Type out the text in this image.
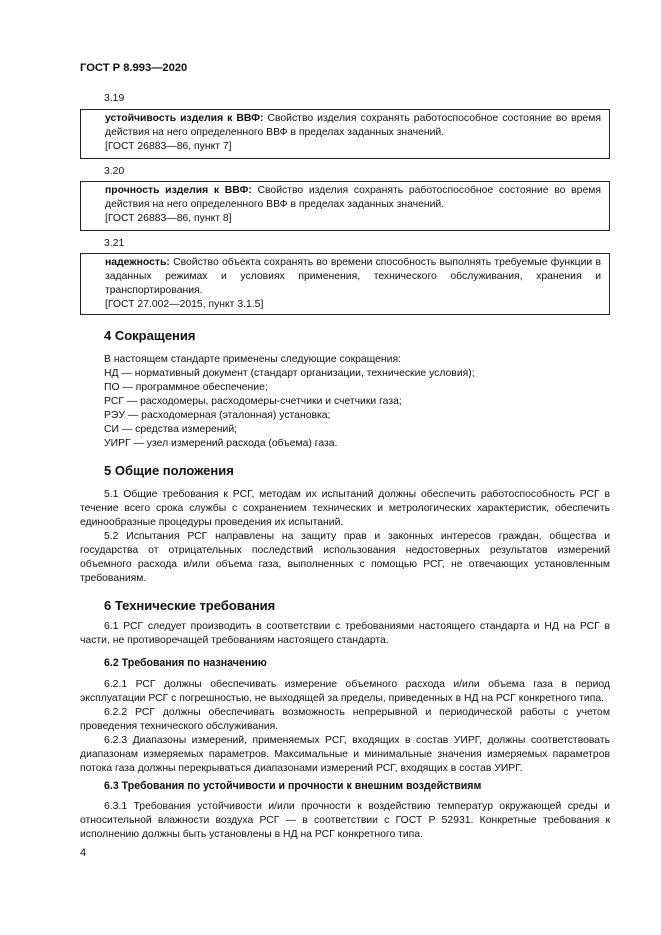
ГОСТ Р 8.993—2020
3.19

устойчивость изделия к ВВФ: Свойство изделия сохранять работоспособное состояние во время действия на него определенного ВВФ в пределах заданных значений.

[ГОСТ 26883—86, пункт 7]

3.20

прочность изделия к ВВФ: Свойство изделия сохранять работоспособное состояние во время действия на него определенного ВВФ в пределах заданных значений.

[ГОСТ 26883—86, пункт 8]

3.21

надежность: Свойство объекта сохранять во времени способность выполнять требуемые функции в заданных режимах и условиях применения, технического обслуживания, хранения и транспортирования.

[ГОСТ 27.002—2015, пункт 3.1.5]

4 Сокращения

В настоящем стандарте применены следующие сокращения:

НД — нормативный документ (стандарт организации, технические условия);

ПО — программное обеспечение;

РСГ — расходомеры, расходомеры-счетчики и счетчики газа;

РЭУ — расходомерная (эталонная) установка;

СИ — средства измерений;

УИРГ — узел измерений расхода (объема) газа.

5 Общие положения

5.1 Общие требования к РСГ, методам их испытаний должны обеспечить работоспособность РСГ в течение всего срока службы с сохранением технических и метрологических характеристик, обеспечить единообразные процедуры проведения их испытаний.

5.2 Испытания РСГ направлены на защиту прав и законных интересов граждан, общества и государства от отрицательных последствий использования недостоверных результатов измерений объемного расхода и/или объема газа, выполненных с помощью РСГ, не отвечающих установленным требованиям.

6 Технические требования

6.1 РСГ следует производить в соответствии с требованиями настоящего стандарта и НД на РСГ в части, не противоречащей требованиям настоящего стандарта.

6.2 Требования по назначению

6.2.1 РСГ должны обеспечивать измерение объемного расхода и/или объема газа в период эксплуатации РСГ с погрешностью, не выходящей за пределы, приведенных в НД на РСГ конкретного типа.

6.2.2 РСГ должны обеспечивать возможность непрерывной и периодической работы с учетом проведения технического обслуживания.

6.2.3 Диапазоны измерений, применяемых РСГ, входящих в состав УИРГ, должны соответствовать диапазонам измеряемых параметров. Максимальные и минимальные значения измеряемых параметров потока газа должны перекрываться диапазонами измерений РСГ, входящих в состав УИРГ.

6.3 Требования по устойчивости и прочности к внешним воздействиям

6.3.1 Требования устойчивости и/или прочности к воздействию температур окружающей среды и относительной влажности воздуха РСГ — в соответствии с ГОСТ Р 52931. Конкретные требования к исполнению должны быть установлены в НД на РСГ конкретного типа.

4
